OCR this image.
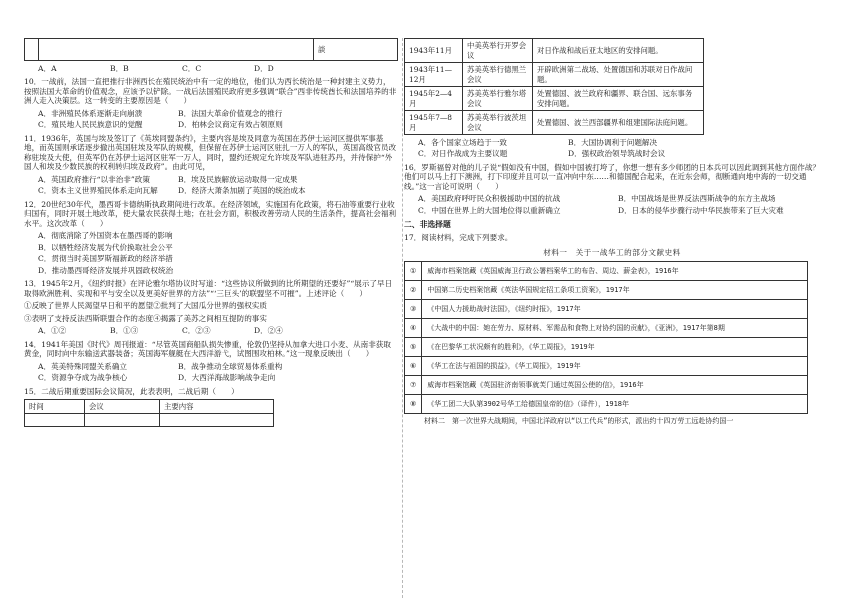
		談
A．A	B．B	C．C	D．D
10．一战前，法国一直把推行非洲西长在殖民统治中有一定的地位，他们认为西长统治是一种封建主义势力，按照法国大革命的价值观念，应该予以铲除。一战后法国殖民政府更多强调“联合”西非传统酋长和法国培养的非洲人走入决策层。这一转变的主要原因是（　　）
A．非洲殖民体系逐渐走向崩溃	B．法国大革命价值观念的推行
C．殖民地人民民族意识的觉醒	D．柏林会议商定有效占领原则
11．1936年，英国与埃及签订了《英埃同盟条约》，主要内容是埃及同意为英国在苏伊士运河区提供军事基地，而英国则承诺逐步撤出英国驻埃及军队的规模，但保留在苏伊士运河区驻扎一万人的军队，英国高级官员改称驻埃及大使，但英军仍在苏伊士运河区驻军一万人，同时，盟约还规定允许埃及军队进驻苏丹，并待保护“外国人和埃及少数民族的权利转归埃及政府”。由此可见，
A．英国政府推行“以非治非”政策	B．埃及民族解放运动取得一定成果
C．资本主义世界殖民体系走向瓦解	D．经济大萧条加剧了英国的统治成本
12．20世纪30年代，墨西哥卡德纳斯执政期间进行改革。在经济领域，实施国有化政策，将石油等重要行业收归国有，同时开展土地改革，使大量农民获得土地；在社会方面，积极改善劳动人民的生活条件，提高社会福利水平。这次改革（　　）
A．彻底消除了外国资本在墨西哥的影响
B．以牺牲经济发展为代价换取社会公平
C．贯彻当时美国罗斯福新政的经济举措
D．推动墨西哥经济发展并巩固政权统治
13．1945年2月，《纽约时报》在评论雅尔塔协议时写道：“这些协议所做到的比所期望的还要好”“展示了早日取得欧洲胜利、实现和平与安全以及更美好世界的方法”“‘三巨头’的联盟坚不可摧”。上述评论（　　）
①反映了世界人民渴望早日和平的愿望②批判了大国瓜分世界的强权实质
③表明了支持反法西斯联盟合作的态度④揭露了美苏之间相互提防的事实
A．①②	B．①③	C．②③	D．②④
14．1941年美国《时代》周刊报道：“尽管英国商船队损失惨重，伦敦仍坚持从加拿大进口小麦、从南非获取黄金，同时向中东输送武器装备；英国海军舰艇在大西洋游弋，试图围攻柏林。”这一现象反映出（　　）
A．英美特殊同盟关系确立	B．战争推动全球贸易体系重构
C．资源争夺成为战争核心	D．大西洋海战影响战争走向
15．二战后期重要国际会议简况，此表表明，二战后期（　　）
时间	会议	主要内容

1943年11月	中美英举行开罗会议	对日作战和战后亚太地区的安排问题。
1943年11—12月	苏美英举行德黑兰会议	开辟欧洲第二战场、处置德国和苏联对日作战问题。
1945年2—4月	苏美英举行雅尔塔会议	处置德国、波兰政府和疆界、联合国、远东事务安排问题。
1945年7—8月	苏美英举行波茨坦会议	处置德国、波兰西部疆界和组建国际法庭问题。
A．各个国家立场趋于一致	B．大国协调利于问题解决
C．对日作战成为主要议题	D．强权政治领导筑战时会议
16．罗斯福曾对他的儿子说“假如没有中国，假如中国被打垮了，你想一想有多少师团的日本兵可以因此调到其他方面作战？他们可以马上打下澳洲，打下印度并且可以一直冲向中东……和德国配合起来，在近东会师，彻断通向地中海的一切交通线。”这一言论可说明（　　）
A．美国政府呼吁民众积极援助中国的抗战	B．中国战场是世界反法西斯战争的东方主战场
C．中国在世界上的大国地位得以重新确立	D．日本的侵华步骤行动中华民族带来了巨大灾难
二、非选择题
17．阅读材料，完成下列要求。
材料一　关于一战华工的部分文献史料
①	威海市档案馆藏《英国威海卫行政公署档案华工的布告、周边、薪金表》，1916年
②	中国第二历史档案馆藏《英法华国规定招工条项工资案》，1917年
③	《中国人力援助战时法国》，《纽约时报》，1917年
④	《大战中的中国：她在劳力、原材料、军需品和食物上对协约国的贡献》，《亚洲》，1917年第8期
⑤	《在巴黎华工状况颇有的胜利》，《华工周报》，1919年
⑥	《华工在法与祖国的损益》，《华工周报》，1919年
⑦	威海市档案馆藏《英国驻济南领事就芙门通过英国公使的信》，1916年
⑧	《华工团二大队第3902号华工给德国皇帝的信》（译件），1918年
材料二　第一次世界大战期间，中国北洋政府以“以工代兵”的形式，派出约十四万劳工远赴协约国一
